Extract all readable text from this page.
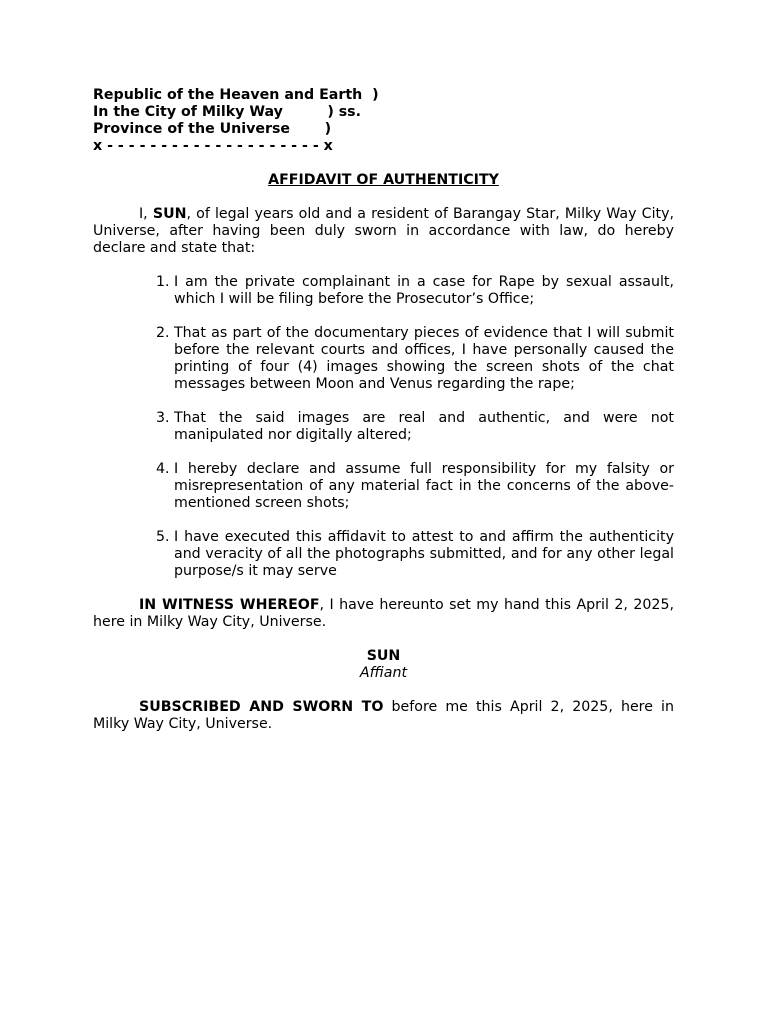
Republic of the Heaven and Earth  )
In the City of Milky Way         ) ss.
Province of the Universe       )
x - - - - - - - - - - - - - - - - - - - - x
AFFIDAVIT OF AUTHENTICITY

I, SUN, of legal years old and a resident of Barangay Star, Milky Way City, Universe, after having been duly sworn in accordance with law, do hereby declare and state that:

1. I am the private complainant in a case for Rape by sexual assault, which I will be filing before the Prosecutor’s Office;
2. That as part of the documentary pieces of evidence that I will submit before the relevant courts and offices, I have personally caused the printing of four (4) images showing the screen shots of the chat messages between Moon and Venus regarding the rape;
3. That the said images are real and authentic, and were not manipulated nor digitally altered;
4. I hereby declare and assume full responsibility for my falsity or misrepresentation of any material fact in the concerns of the above-mentioned screen shots;
5. I have executed this affidavit to attest to and affirm the authenticity and veracity of all the photographs submitted, and for any other legal purpose/s it may serve

IN WITNESS WHEREOF, I have hereunto set my hand this April 2, 2025, here in Milky Way City, Universe.

SUN
Affiant

SUBSCRIBED AND SWORN TO before me this April 2, 2025, here in Milky Way City, Universe.
